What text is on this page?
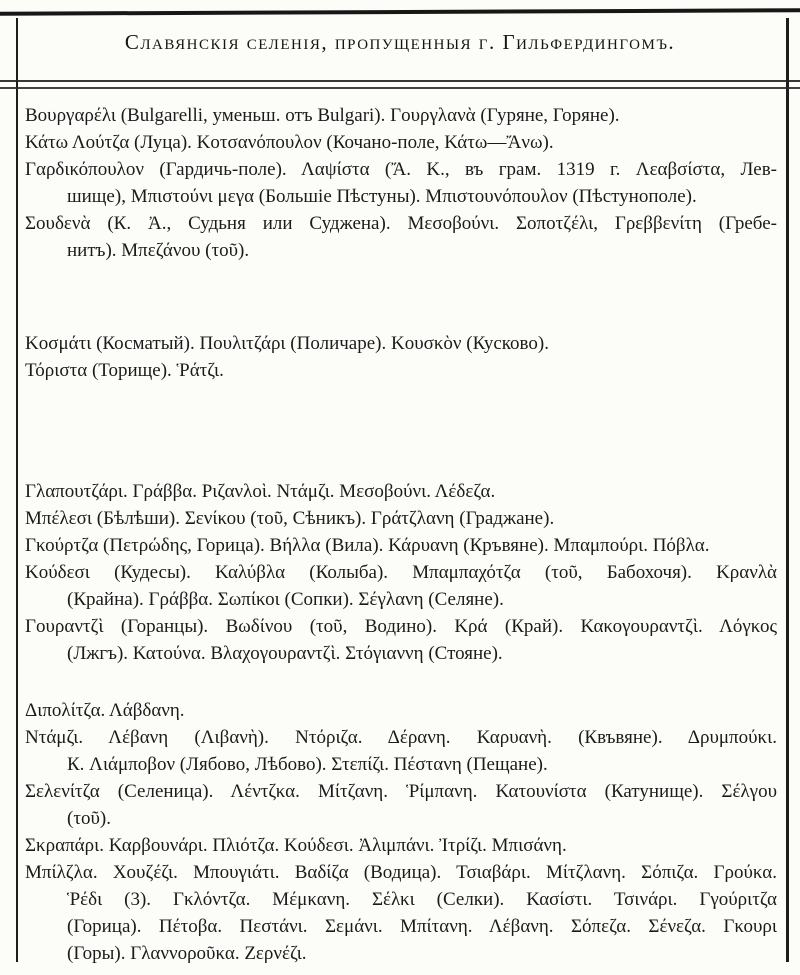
Славянскія селенія, пропущенныя г. Гильфердингомъ.
Βουργαρέλι (Bulgarelli, уменьш. отъ Bulgari). Γουργλανὰ (Гуряне, Горяне).
Κάτω Λούτζα (Луца). Κοτσανόπουλον (Кочано-поле, Κάτω—Ἄνω).
Γαρδικόπουλον (Гардичь-поле). Λαψίστα (Ἄ. Κ., въ грам. 1319 г. Λεαβσίστα, Лев-
шище), Μπιστούνι μεγα (Большіе Пѣстуны). Μπιστουνόπουλον (Пѣстунополе).
Σουδενὰ (К. Ἀ., Судьня или Суджена). Μεσοβούνι. Σοποτζέλι, Γρεββενίτη (Гребе-
нитъ). Μπεζάνου (τοῦ).
Κοσμάτι (Косматый). Πουλιτζάρι (Поличаре). Κουσκὸν (Кусково).
Τόριστα (Торище). Ῥάτζι.
Γλαπουτζάρι. Γράββα. Ριζανλοὶ. Ντάμζι. Μεσοβούνι. Λέδεζα.
Μπέλεσι (Бѣлѣши). Σενίκου (τοῦ, Сѣникъ). Γράτζλανη (Граджане).
Γκούρτζα (Πετρώδης, Горица). Βήλλα (Вила). Κάρυανη (Кръвяне). Μπαμπούρι. Πόβλα.
Κούδεσι (Кудесы). Καλύβλα (Колыба). Μπαμπαχότζα (τοῦ, Бабохочя). Κρανλὰ
(Крайна). Γράββα. Σωπίκοι (Сопки). Σέγλανη (Селяне).
Γουραντζὶ (Горанцы). Βωδίνου (τοῦ, Водино). Κρά (Край). Κακογουραντζὶ. Λόγκος
(Лжгъ). Κατούνα. Βλαχογουραντζὶ. Στόγιαννη (Стояне).
Διπολίτζα. Λάβδανη.
Ντάμζι. Λέβανη (Λιβανὴ). Ντόριζα. Δέρανη. Καρυανὴ. (Квъвяне). Δρυμπούκι.
К. Λιάμποβον (Лябово, Лѣбово). Στεπίζι. Πέστανη (Пещане).
Σελενίτζα (Селеница). Λέντζκα. Μίτζανη. Ῥίμπανη. Κατουνίστα (Катунище). Σέλγου
(τοῦ).
Σκραπάρι. Καρβουνάρι. Πλιότζα. Κούδεσι. Ἀλιμπάνι. Ἰτρίζι. Μπισάνη.
Μπίλζλα. Χουζέζι. Μπουγιάτι. Βαδίζα (Водица). Τσιαβάρι. Μίτζλανη. Σόπιζα. Γρούκα.
Ῥέδι (3). Γκλόντζα. Μέμκανη. Σέλκι (Селки). Κασίστι. Τσινάρι. Γγούριτζα
(Горица). Πέτοβα. Πεστάνι. Σεμάνι. Μπίτανη. Λέβανη. Σόπεζα. Σένεζα. Γκουρι
(Горы). Γλαννοροῦκα. Ζερνέζι.
